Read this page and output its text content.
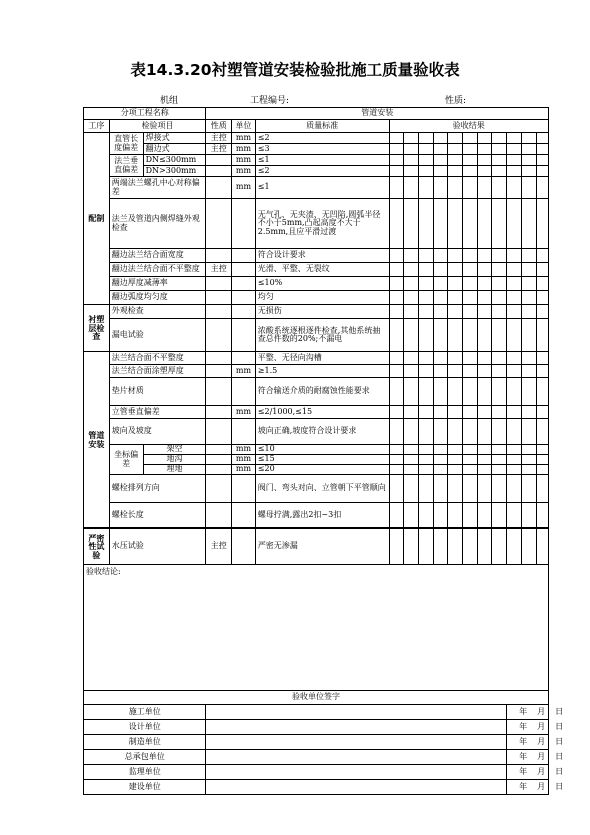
表14.3.20衬塑管道安装检验批施工质量验收表
机组	工程编号:	性质:
分项工程名称			管道安装													
工序	检验项目		性质	单位	质量标准	验收结果										
配制	直管长度偏差	焊接式	主控	mm	≤2											
		翻边式	主控	mm	≤3											
	法兰垂直偏差	DN≤300mm		mm	≤1											
		DN>300mm		mm	≤2											
	两端法兰螺孔中心对称偏差			mm	≤1											
	法兰及管道内侧焊缝外观检查				无气孔、无夹渣、无凹陷,圆弧半径不小于5mm,凸起高度不大于2.5mm,且应平滑过渡											
	翻边法兰结合面宽度				符合设计要求											
	翻边法兰结合面不平整度		主控		光滑、平整、无裂纹											
	翻边厚度减薄率				≤10%											
	翻边弧度均匀度				均匀											
衬塑层检查	外观检查				无损伤											
	漏电试验				浓酸系统逐根逐件检查,其他系统抽查总件数的20%;不漏电											
管道安装	法兰结合面不平整度				平整、无径向沟槽											
	法兰结合面涂塑厚度			mm	≥1.5											
	垫片材质				符合输送介质的耐腐蚀性能要求											
	立管垂直偏差			mm	≤2/1000,≤15											
	坡向及坡度				坡向正确,坡度符合设计要求											
	坐标偏差	架空		mm	≤10											
		地沟		mm	≤15											
		埋地		mm	≤20											
	螺栓排列方向				阀门、弯头对向、立管朝下平管顺向											
	螺栓长度				螺母拧满,露出2扣~3扣											

严密性试验	水压试验		主控		严密无渗漏											
验收结论:																
验收单位签字																
施工单位														年 月 日		
设计单位														年 月 日		
制造单位														年 月 日		
总承包单位														年 月 日		
监理单位														年 月 日		
建设单位														年 月 日		
